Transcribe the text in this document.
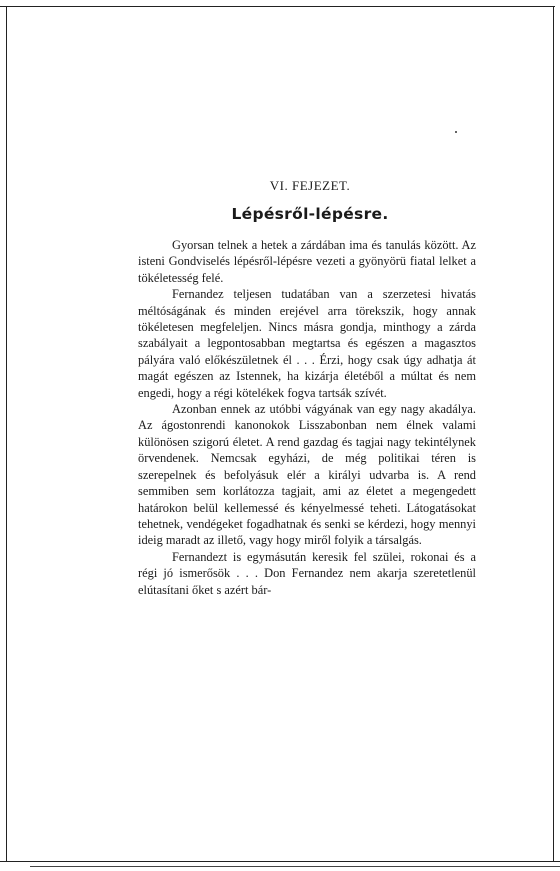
VI. FEJEZET.
Lépésről-lépésre.

Gyorsan telnek a hetek a zárdában ima és tanulás között. Az isteni Gondviselés lépésről-lépésre vezeti a gyönyörü fiatal lelket a tökéletesség felé.

Fernandez teljesen tudatában van a szerzetesi hivatás méltóságának és minden erejével arra törekszik, hogy annak tökéletesen megfeleljen. Nincs másra gondja, minthogy a zárda szabályait a legpontosabban megtartsa és egészen a magasztos pályára való előkészületnek él . . . Érzi, hogy csak úgy adhatja át magát egészen az Istennek, ha kizárja életéből a múltat és nem engedi, hogy a régi kötelékek fogva tartsák szívét.

Azonban ennek az utóbbi vágyának van egy nagy akadálya. Az ágostonrendi kanonokok Lisszabonban nem élnek valami különösen szigorú életet. A rend gazdag és tagjai nagy tekintélynek örvendenek. Nemcsak egyházi, de még politikai téren is szerepelnek és befolyásuk elér a királyi udvarba is. A rend semmiben sem korlátozza tagjait, ami az életet a megengedett határokon belül kellemessé és kényelmessé teheti. Látogatásokat tehetnek, vendégeket fogadhatnak és senki se kérdezi, hogy mennyi ideig maradt az illető, vagy hogy miről folyik a társalgás.

Fernandezt is egymásután keresik fel szülei, rokonai és a régi jó ismerősök . . . Don Fernandez nem akarja szeretetlenül elútasítani őket s azért bár-
